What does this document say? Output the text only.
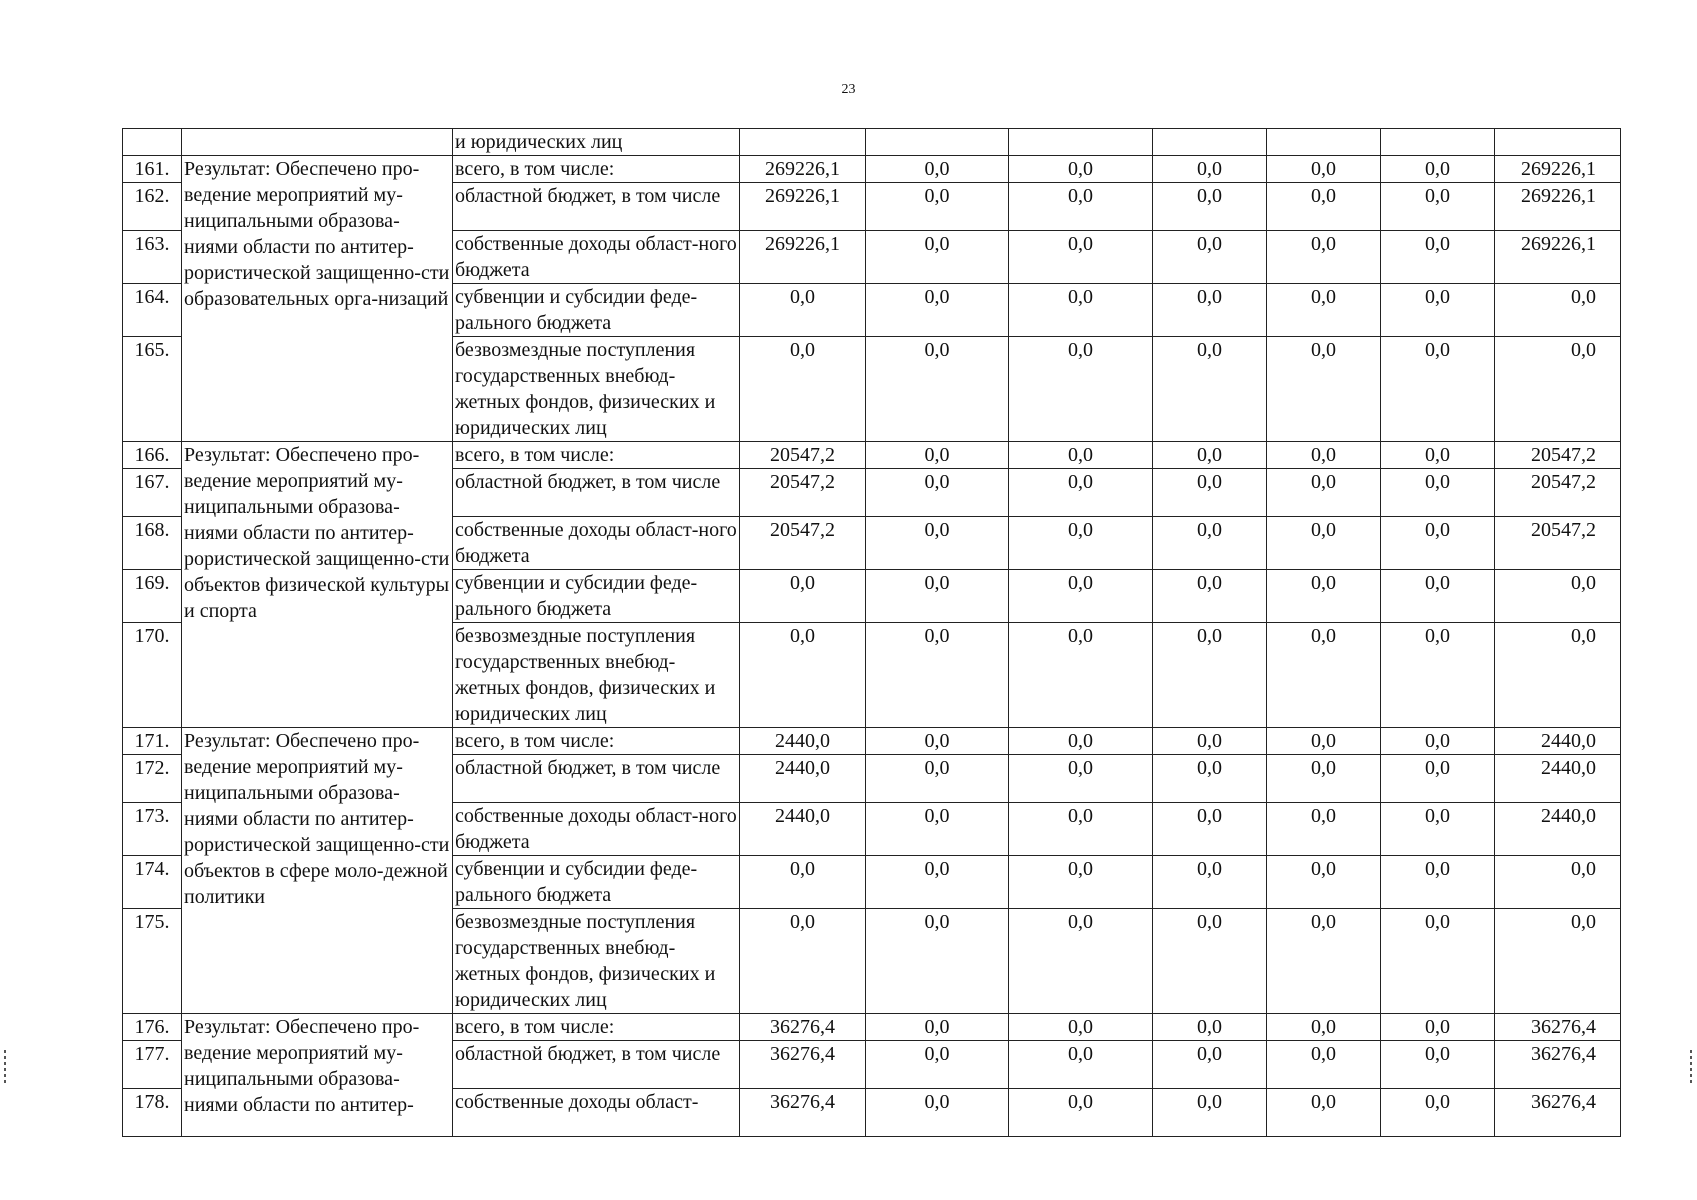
23
		и юридических лиц							
161.	Результат: Обеспечено про-ведение мероприятий му-ниципальными образова-ниями области по антитер-рористической защищенно-сти образовательных орга-низаций	всего, в том числе:	269226,1	0,0	0,0	0,0	0,0	0,0	269226,1
162.		областной бюджет, в том числе	269226,1	0,0	0,0	0,0	0,0	0,0	269226,1
163.		собственные доходы област-ного бюджета	269226,1	0,0	0,0	0,0	0,0	0,0	269226,1
164.		субвенции и субсидии феде-рального бюджета	0,0	0,0	0,0	0,0	0,0	0,0	0,0
165.		безвозмездные поступления государственных внебюд-жетных фондов, физических и юридических лиц	0,0	0,0	0,0	0,0	0,0	0,0	0,0
166.	Результат: Обеспечено про-ведение мероприятий му-ниципальными образова-ниями области по антитер-рористической защищенно-сти объектов физической культуры и спорта	всего, в том числе:	20547,2	0,0	0,0	0,0	0,0	0,0	20547,2
167.		областной бюджет, в том числе	20547,2	0,0	0,0	0,0	0,0	0,0	20547,2
168.		собственные доходы област-ного бюджета	20547,2	0,0	0,0	0,0	0,0	0,0	20547,2
169.		субвенции и субсидии феде-рального бюджета	0,0	0,0	0,0	0,0	0,0	0,0	0,0
170.		безвозмездные поступления государственных внебюд-жетных фондов, физических и юридических лиц	0,0	0,0	0,0	0,0	0,0	0,0	0,0
171.	Результат: Обеспечено про-ведение мероприятий му-ниципальными образова-ниями области по антитер-рористической защищенно-сти объектов в сфере моло-дежной политики	всего, в том числе:	2440,0	0,0	0,0	0,0	0,0	0,0	2440,0
172.		областной бюджет, в том числе	2440,0	0,0	0,0	0,0	0,0	0,0	2440,0
173.		собственные доходы област-ного бюджета	2440,0	0,0	0,0	0,0	0,0	0,0	2440,0
174.		субвенции и субсидии феде-рального бюджета	0,0	0,0	0,0	0,0	0,0	0,0	0,0
175.		безвозмездные поступления государственных внебюд-жетных фондов, физических и юридических лиц	0,0	0,0	0,0	0,0	0,0	0,0	0,0
176.	Результат: Обеспечено про-ведение мероприятий му-ниципальными образова-ниями области по антитер-	всего, в том числе:	36276,4	0,0	0,0	0,0	0,0	0,0	36276,4
177.		областной бюджет, в том числе	36276,4	0,0	0,0	0,0	0,0	0,0	36276,4
178.		собственные доходы област-	36276,4	0,0	0,0	0,0	0,0	0,0	36276,4
